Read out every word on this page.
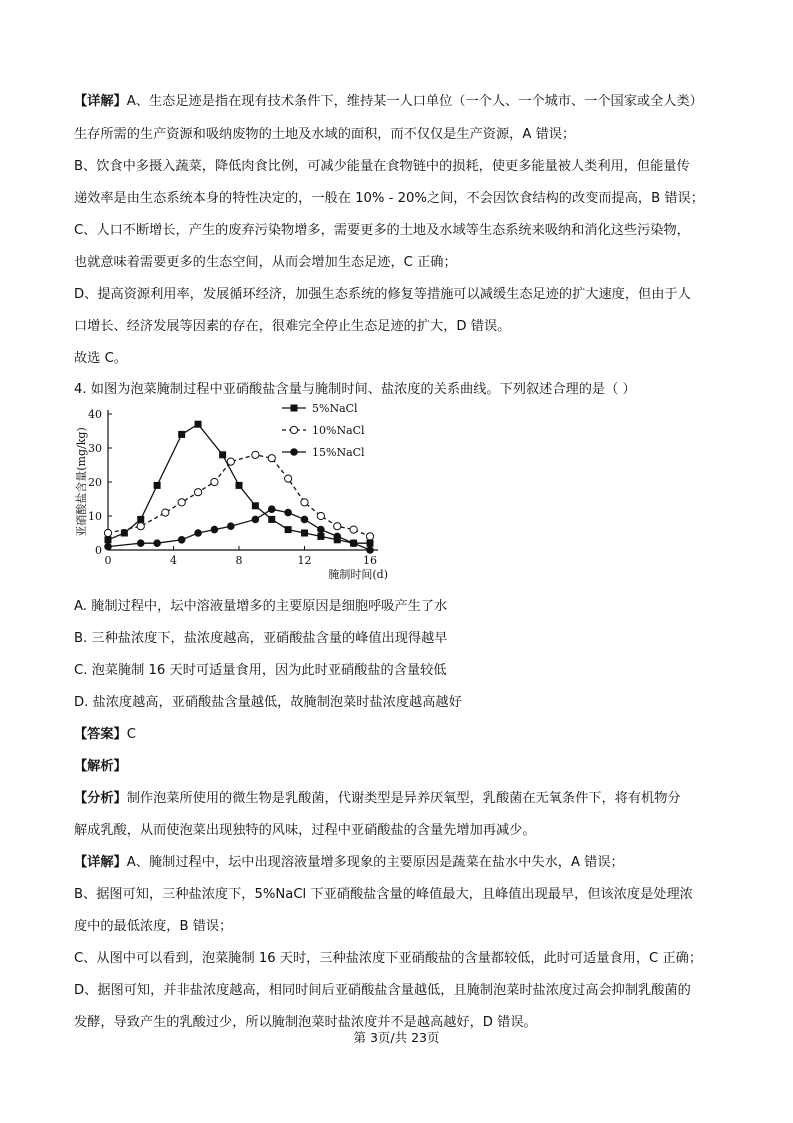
【详解】A、生态足迹是指在现有技术条件下，维持某一人口单位（一个人、一个城市、一个国家或全人类）
生存所需的生产资源和吸纳废物的土地及水域的面积，而不仅仅是生产资源，A 错误；
B、饮食中多摄入蔬菜，降低肉食比例，可减少能量在食物链中的损耗，使更多能量被人类利用，但能量传
递效率是由生态系统本身的特性决定的，一般在 10% - 20%之间，不会因饮食结构的改变而提高，B 错误；
C、人口不断增长，产生的废弃污染物增多，需要更多的土地及水域等生态系统来吸纳和消化这些污染物，
也就意味着需要更多的生态空间，从而会增加生态足迹，C 正确；
D、提高资源利用率，发展循环经济，加强生态系统的修复等措施可以减缓生态足迹的扩大速度，但由于人
口增长、经济发展等因素的存在，很难完全停止生态足迹的扩大，D 错误。
故选 C。
4. 如图为泡菜腌制过程中亚硝酸盐含量与腌制时间、盐浓度的关系曲线。下列叙述合理的是（ ）
0	4	8	12	16
0
10
20
30
40
腌制时间(d)
亚硝酸盐含量(mg/kg)
5%NaCl
10%NaCl
15%NaCl
A. 腌制过程中，坛中溶液量增多的主要原因是细胞呼吸产生了水
B. 三种盐浓度下，盐浓度越高，亚硝酸盐含量的峰值出现得越早
C. 泡菜腌制 16 天时可适量食用，因为此时亚硝酸盐的含量较低
D. 盐浓度越高，亚硝酸盐含量越低，故腌制泡菜时盐浓度越高越好
【答案】C
【解析】
【分析】制作泡菜所使用的微生物是乳酸菌，代谢类型是异养厌氧型，乳酸菌在无氧条件下，将有机物分
解成乳酸，从而使泡菜出现独特的风味，过程中亚硝酸盐的含量先增加再减少。
【详解】A、腌制过程中，坛中出现溶液量增多现象的主要原因是蔬菜在盐水中失水，A 错误；
B、据图可知，三种盐浓度下，5%NaCl 下亚硝酸盐含量的峰值最大，且峰值出现最早，但该浓度是处理浓
度中的最低浓度，B 错误；
C、从图中可以看到，泡菜腌制 16 天时，三种盐浓度下亚硝酸盐的含量都较低，此时可适量食用，C 正确；
D、据图可知，并非盐浓度越高，相同时间后亚硝酸盐含量越低，且腌制泡菜时盐浓度过高会抑制乳酸菌的
发酵，导致产生的乳酸过少，所以腌制泡菜时盐浓度并不是越高越好，D 错误。
第 3页/共 23页
